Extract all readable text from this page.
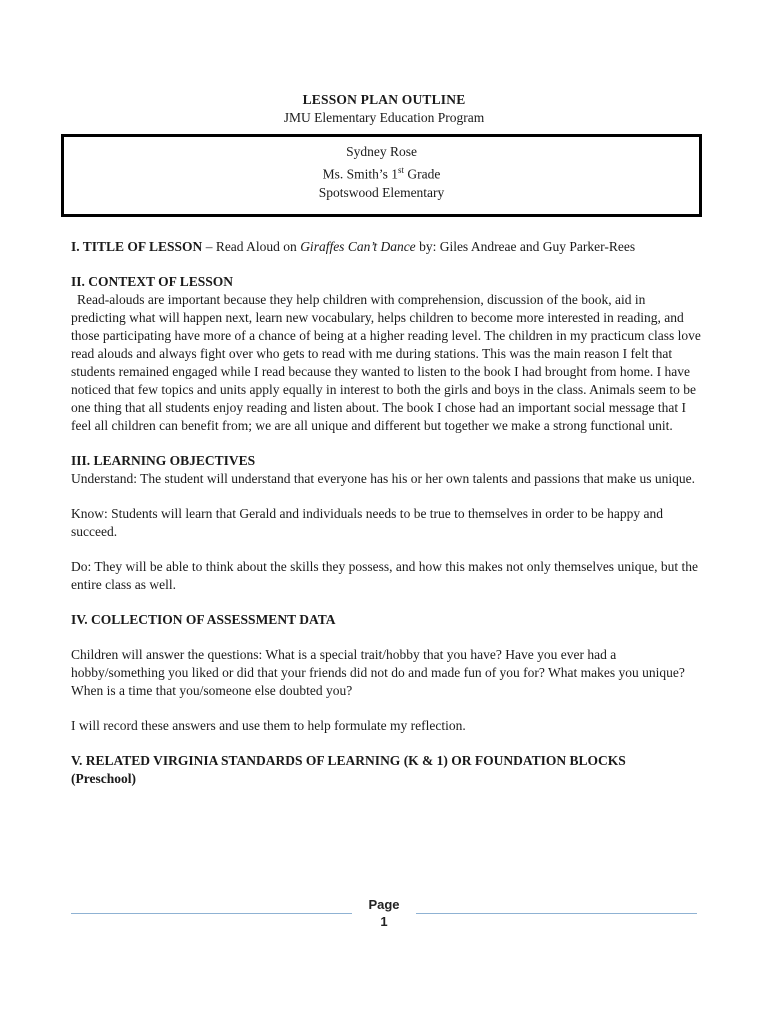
LESSON PLAN OUTLINE
JMU Elementary Education Program
Sydney Rose
Ms. Smith’s 1st Grade
Spotswood Elementary

I. TITLE OF LESSON – Read Aloud on Giraffes Can’t Dance by: Giles Andreae and Guy Parker-Rees

II. CONTEXT OF LESSON

Read-alouds are important because they help children with comprehension, discussion of the book, aid in predicting what will happen next, learn new vocabulary, helps children to become more interested in reading, and those participating have more of a chance of being at a higher reading level. The children in my practicum class love read alouds and always fight over who gets to read with me during stations. This was the main reason I felt that students remained engaged while I read because they wanted to listen to the book I had brought from home. I have noticed that few topics and units apply equally in interest to both the girls and boys in the class. Animals seem to be one thing that all students enjoy reading and listen about. The book I chose had an important social message that I feel all children can benefit from; we are all unique and different but together we make a strong functional unit.

III. LEARNING OBJECTIVES

Understand: The student will understand that everyone has his or her own talents and passions that make us unique.

Know: Students will learn that Gerald and individuals needs to be true to themselves in order to be happy and succeed.

Do: They will be able to think about the skills they possess, and how this makes not only themselves unique, but the entire class as well.

IV. COLLECTION OF ASSESSMENT DATA

Children will answer the questions: What is a special trait/hobby that you have? Have you ever had a hobby/something you liked or did that your friends did not do and made fun of you for? What makes you unique? When is a time that you/someone else doubted you?

I will record these answers and use them to help formulate my reflection.

V. RELATED VIRGINIA STANDARDS OF LEARNING (K & 1) OR FOUNDATION BLOCKS

(Preschool)

Page
1
